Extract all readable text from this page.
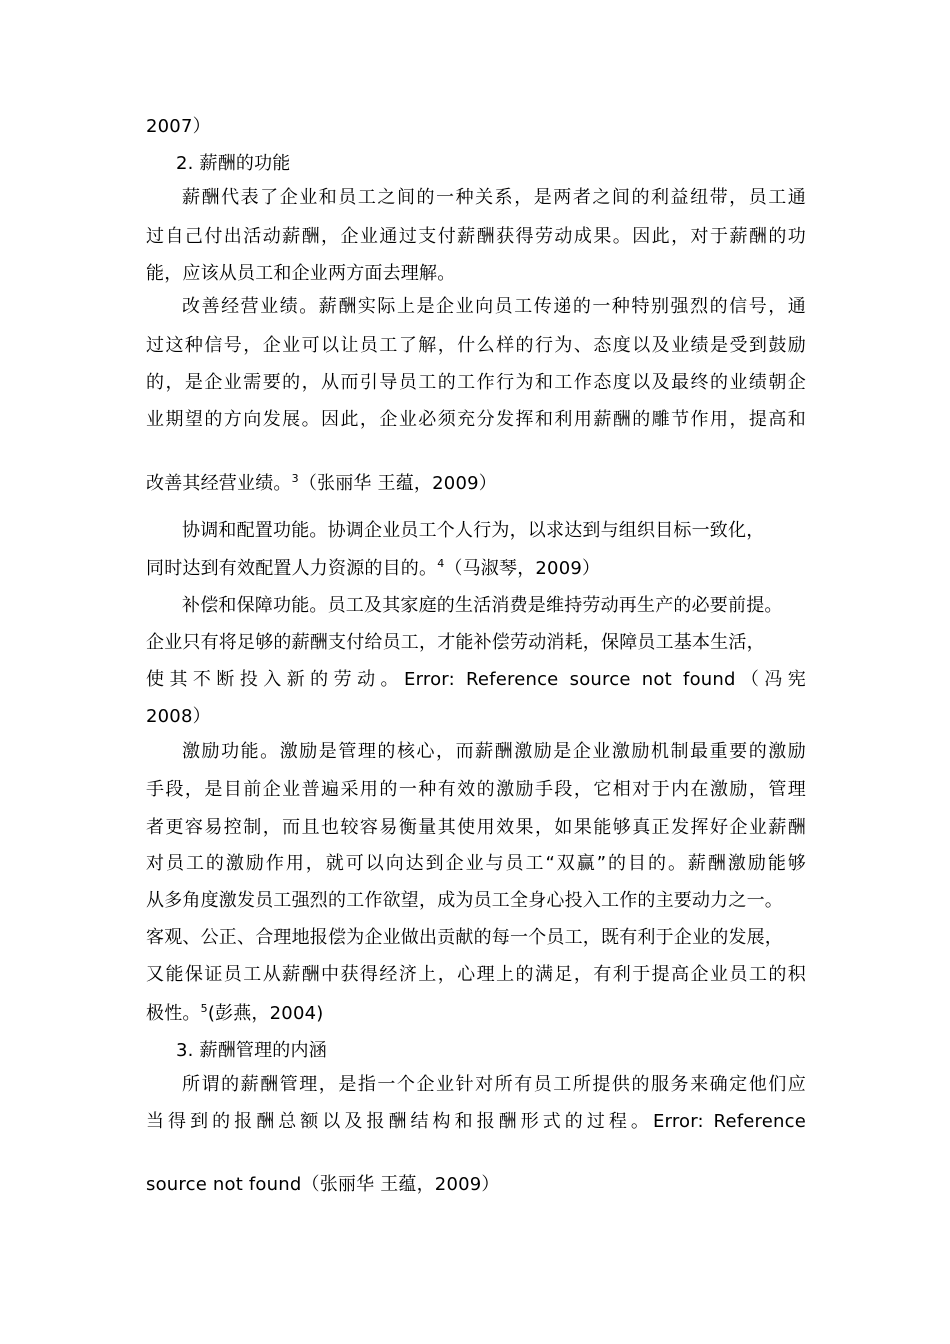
2007）
2. 薪酬的功能
薪酬代表了企业和员工之间的一种关系，是两者之间的利益纽带，员工通
过自己付出活动薪酬，企业通过支付薪酬获得劳动成果。因此，对于薪酬的功
能，应该从员工和企业两方面去理解。
改善经营业绩。薪酬实际上是企业向员工传递的一种特别强烈的信号，通
过这种信号，企业可以让员工了解，什么样的行为、态度以及业绩是受到鼓励
的，是企业需要的，从而引导员工的工作行为和工作态度以及最终的业绩朝企
业期望的方向发展。因此，企业必须充分发挥和利用薪酬的雕节作用，提高和
改善其经营业绩。$^3$（张丽华 王蕴，2009）
协调和配置功能。协调企业员工个人行为，以求达到与组织目标一致化，
同时达到有效配置人力资源的目的。$^4$（马淑琴，2009）
补偿和保障功能。员工及其家庭的生活消费是维持劳动再生产的必要前提。
企业只有将足够的薪酬支付给员工，才能补偿劳动消耗，保障员工基本生活，
使其不断投入新的劳动。Error: Reference source not found（冯宪
2008）
激励功能。激励是管理的核心，而薪酬激励是企业激励机制最重要的激励
手段，是目前企业普遍采用的一种有效的激励手段，它相对于内在激励，管理
者更容易控制，而且也较容易衡量其使用效果，如果能够真正发挥好企业薪酬
对员工的激励作用，就可以向达到企业与员工“双赢”的目的。薪酬激励能够
从多角度激发员工强烈的工作欲望，成为员工全身心投入工作的主要动力之一。
客观、公正、合理地报偿为企业做出贡献的每一个员工，既有利于企业的发展，
又能保证员工从薪酬中获得经济上，心理上的满足，有利于提高企业员工的积
极性。$^5$(彭燕，2004)
3. 薪酬管理的内涵
所谓的薪酬管理，是指一个企业针对所有员工所提供的服务来确定他们应
当得到的报酬总额以及报酬结构和报酬形式的过程。Error: Reference
source not found（张丽华 王蕴，2009）
